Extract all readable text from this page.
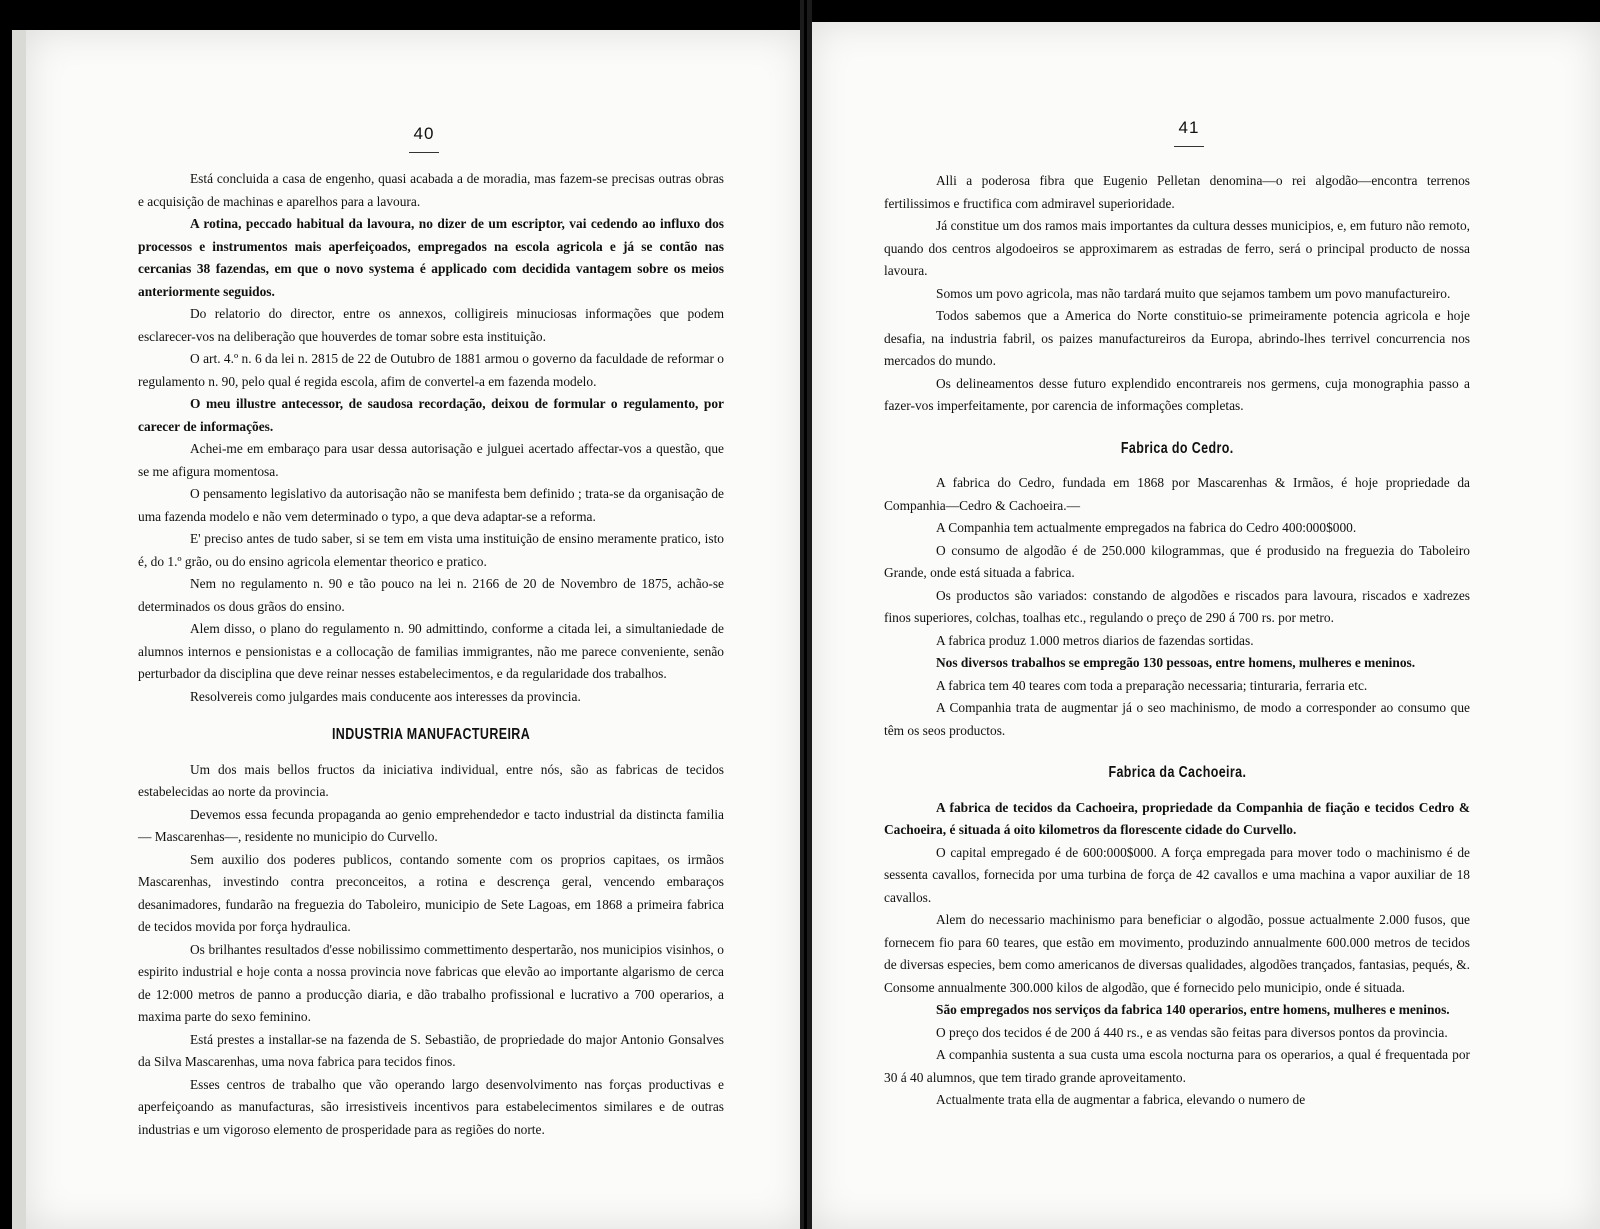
40	41

Está concluida a casa de engenho, quasi acabada a de moradia, mas fazem-se precisas outras obras e acquisição de machinas e aparelhos para a lavoura.

A rotina, peccado habitual da lavoura, no dizer de um escriptor, vai cedendo ao influxo dos processos e instrumentos mais aperfeiçoados, empregados na escola agricola e já se contão nas cercanias 38 fazendas, em que o novo systema é applicado com decidida vantagem sobre os meios anteriormente seguidos.

Do relatorio do director, entre os annexos, colligireis minuciosas informações que podem esclarecer-vos na deliberação que houverdes de tomar sobre esta instituição.

O art. 4.º n. 6 da lei n. 2815 de 22 de Outubro de 1881 armou o governo da faculdade de reformar o regulamento n. 90, pelo qual é regida escola, afim de convertel-a em fazenda modelo.

O meu illustre antecessor, de saudosa recordação, deixou de formular o regulamento, por carecer de informações.

Achei-me em embaraço para usar dessa autorisação e julguei acertado affectar-vos a questão, que se me afigura momentosa.

O pensamento legislativo da autorisação não se manifesta bem definido ; trata-se da organisação de uma fazenda modelo e não vem determinado o typo, a que deva adaptar-se a reforma.

E' preciso antes de tudo saber, si se tem em vista uma instituição de ensino meramente pratico, isto é, do 1.º grão, ou do ensino agricola elementar theorico e pratico.

Nem no regulamento n. 90 e tão pouco na lei n. 2166 de 20 de Novembro de 1875, achão-se determinados os dous grãos do ensino.

Alem disso, o plano do regulamento n. 90 admittindo, conforme a citada lei, a simultaniedade de alumnos internos e pensionistas e a collocação de familias immigrantes, não me parece conveniente, senão perturbador da disciplina que deve reinar nesses estabelecimentos, e da regularidade dos trabalhos.

Resolvereis como julgardes mais conducente aos interesses da provincia.

INDUSTRIA MANUFACTUREIRA

Um dos mais bellos fructos da iniciativa individual, entre nós, são as fabricas de tecidos estabelecidas ao norte da provincia.

Devemos essa fecunda propaganda ao genio emprehendedor e tacto industrial da distincta familia — Mascarenhas—, residente no municipio do Curvello.

Sem auxilio dos poderes publicos, contando somente com os proprios capitaes, os irmãos Mascarenhas, investindo contra preconceitos, a rotina e descrença geral, vencendo embaraços desanimadores, fundarão na freguezia do Taboleiro, municipio de Sete Lagoas, em 1868 a primeira fabrica de tecidos movida por força hydraulica.

Os brilhantes resultados d'esse nobilissimo commettimento despertarão, nos municipios visinhos, o espirito industrial e hoje conta a nossa provincia nove fabricas que elevão ao importante algarismo de cerca de 12:000 metros de panno a producção diaria, e dão trabalho profissional e lucrativo a 700 operarios, a maxima parte do sexo feminino.

Está prestes a installar-se na fazenda de S. Sebastião, de propriedade do major Antonio Gonsalves da Silva Mascarenhas, uma nova fabrica para tecidos finos.

Esses centros de trabalho que vão operando largo desenvolvimento nas forças productivas e aperfeiçoando as manufacturas, são irresistiveis incentivos para estabelecimentos similares e de outras industrias e um vigoroso elemento de prosperidade para as regiões do norte.

Alli a poderosa fibra que Eugenio Pelletan denomina—o rei algodão—encontra terrenos fertilissimos e fructifica com admiravel superioridade.

Já constitue um dos ramos mais importantes da cultura desses municipios, e, em futuro não remoto, quando dos centros algodoeiros se approximarem as estradas de ferro, será o principal producto de nossa lavoura.

Somos um povo agricola, mas não tardará muito que sejamos tambem um povo manufactureiro.

Todos sabemos que a America do Norte constituio-se primeiramente potencia agricola e hoje desafia, na industria fabril, os paizes manufactureiros da Europa, abrindo-lhes terrivel concurrencia nos mercados do mundo.

Os delineamentos desse futuro explendido encontrareis nos germens, cuja monographia passo a fazer-vos imperfeitamente, por carencia de informações completas.

Fabrica do Cedro.

A fabrica do Cedro, fundada em 1868 por Mascarenhas & Irmãos, é hoje propriedade da Companhia—Cedro & Cachoeira.—

A Companhia tem actualmente empregados na fabrica do Cedro 400:000$000.

O consumo de algodão é de 250.000 kilogrammas, que é produsido na freguezia do Taboleiro Grande, onde está situada a fabrica.

Os productos são variados: constando de algodões e riscados para lavoura, riscados e xadrezes finos superiores, colchas, toalhas etc., regulando o preço de 290 á 700 rs. por metro.

A fabrica produz 1.000 metros diarios de fazendas sortidas.

Nos diversos trabalhos se empregão 130 pessoas, entre homens, mulheres e meninos.

A fabrica tem 40 teares com toda a preparação necessaria; tinturaria, ferraria etc.

A Companhia trata de augmentar já o seo machinismo, de modo a corresponder ao consumo que têm os seos productos.

Fabrica da Cachoeira.

A fabrica de tecidos da Cachoeira, propriedade da Companhia de fiação e tecidos Cedro & Cachoeira, é situada á oito kilometros da florescente cidade do Curvello.

O capital empregado é de 600:000$000. A força empregada para mover todo o machinismo é de sessenta cavallos, fornecida por uma turbina de força de 42 cavallos e uma machina a vapor auxiliar de 18 cavallos.

Alem do necessario machinismo para beneficiar o algodão, possue actualmente 2.000 fusos, que fornecem fio para 60 teares, que estão em movimento, produzindo annualmente 600.000 metros de tecidos de diversas especies, bem como americanos de diversas qualidades, algodões trançados, fantasias, pequés, &. Consome annualmente 300.000 kilos de algodão, que é fornecido pelo municipio, onde é situada.

São empregados nos serviços da fabrica 140 operarios, entre homens, mulheres e meninos.

O preço dos tecidos é de 200 á 440 rs., e as vendas são feitas para diversos pontos da provincia.

A companhia sustenta a sua custa uma escola nocturna para os operarios, a qual é frequentada por 30 á 40 alumnos, que tem tirado grande aproveitamento.

Actualmente trata ella de augmentar a fabrica, elevando o numero de
